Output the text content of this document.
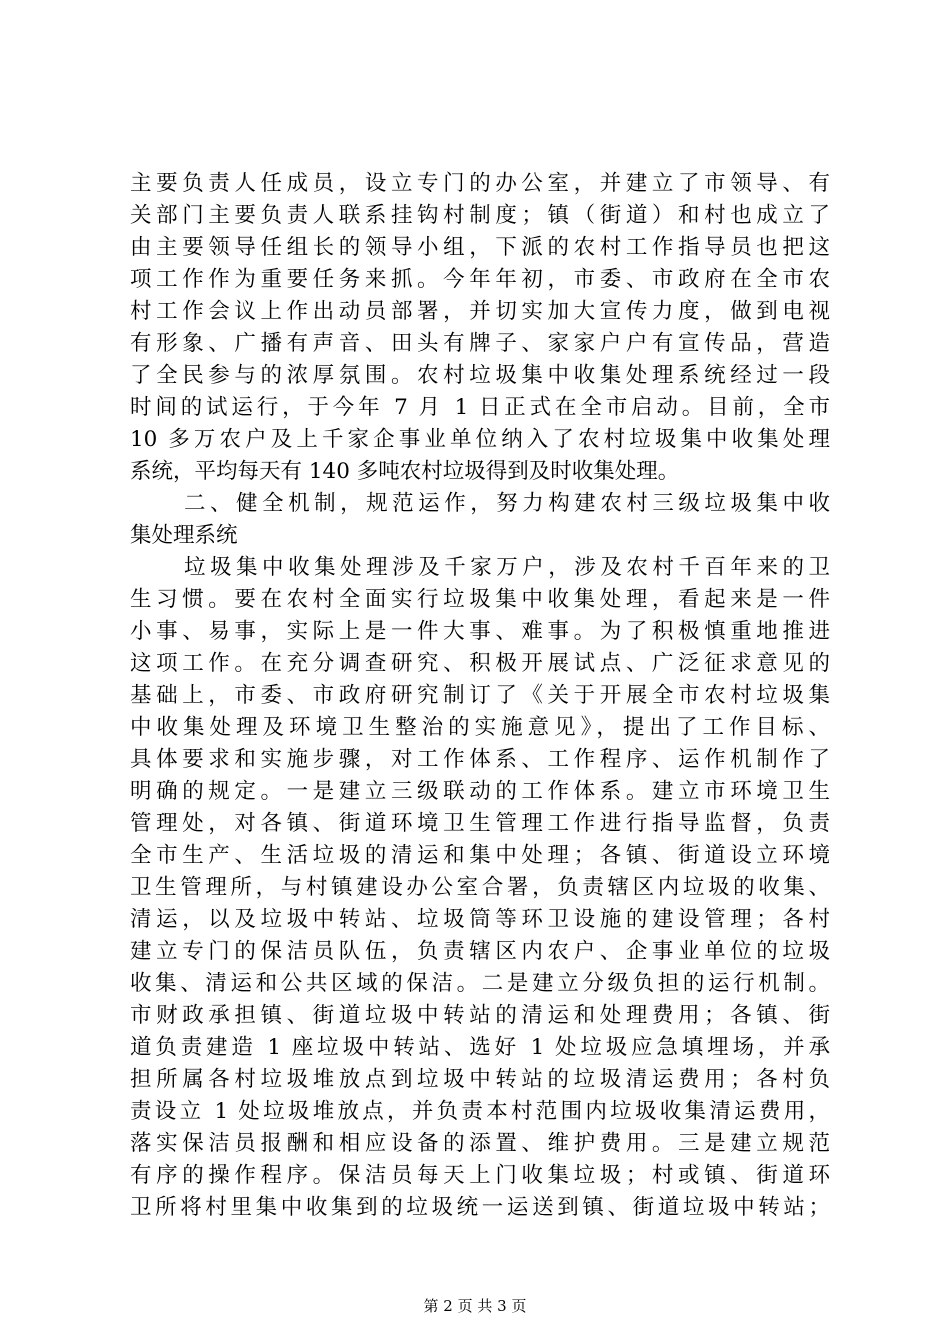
主要负责人任成员，设立专门的办公室，并建立了市领导、有
关部门主要负责人联系挂钩村制度；镇（街道）和村也成立了
由主要领导任组长的领导小组，下派的农村工作指导员也把这
项工作作为重要任务来抓。今年年初，市委、市政府在全市农
村工作会议上作出动员部署，并切实加大宣传力度，做到电视
有形象、广播有声音、田头有牌子、家家户户有宣传品，营造
了全民参与的浓厚氛围。农村垃圾集中收集处理系统经过一段
时间的试运行，于今年 7 月 1 日正式在全市启动。目前，全市
10 多万农户及上千家企事业单位纳入了农村垃圾集中收集处理
系统，平均每天有 140 多吨农村垃圾得到及时收集处理。
二、健全机制，规范运作，努力构建农村三级垃圾集中收
集处理系统
垃圾集中收集处理涉及千家万户，涉及农村千百年来的卫
生习惯。要在农村全面实行垃圾集中收集处理，看起来是一件
小事、易事，实际上是一件大事、难事。为了积极慎重地推进
这项工作。在充分调查研究、积极开展试点、广泛征求意见的
基础上，市委、市政府研究制订了《关于开展全市农村垃圾集
中收集处理及环境卫生整治的实施意见》，提出了工作目标、
具体要求和实施步骤，对工作体系、工作程序、运作机制作了
明确的规定。一是建立三级联动的工作体系。建立市环境卫生
管理处，对各镇、街道环境卫生管理工作进行指导监督，负责
全市生产、生活垃圾的清运和集中处理；各镇、街道设立环境
卫生管理所，与村镇建设办公室合署，负责辖区内垃圾的收集、
清运，以及垃圾中转站、垃圾筒等环卫设施的建设管理；各村
建立专门的保洁员队伍，负责辖区内农户、企事业单位的垃圾
收集、清运和公共区域的保洁。二是建立分级负担的运行机制。
市财政承担镇、街道垃圾中转站的清运和处理费用；各镇、街
道负责建造 1 座垃圾中转站、选好 1 处垃圾应急填埋场，并承
担所属各村垃圾堆放点到垃圾中转站的垃圾清运费用；各村负
责设立 1 处垃圾堆放点，并负责本村范围内垃圾收集清运费用，
落实保洁员报酬和相应设备的添置、维护费用。三是建立规范
有序的操作程序。保洁员每天上门收集垃圾；村或镇、街道环
卫所将村里集中收集到的垃圾统一运送到镇、街道垃圾中转站；
第 2 页 共 3 页
